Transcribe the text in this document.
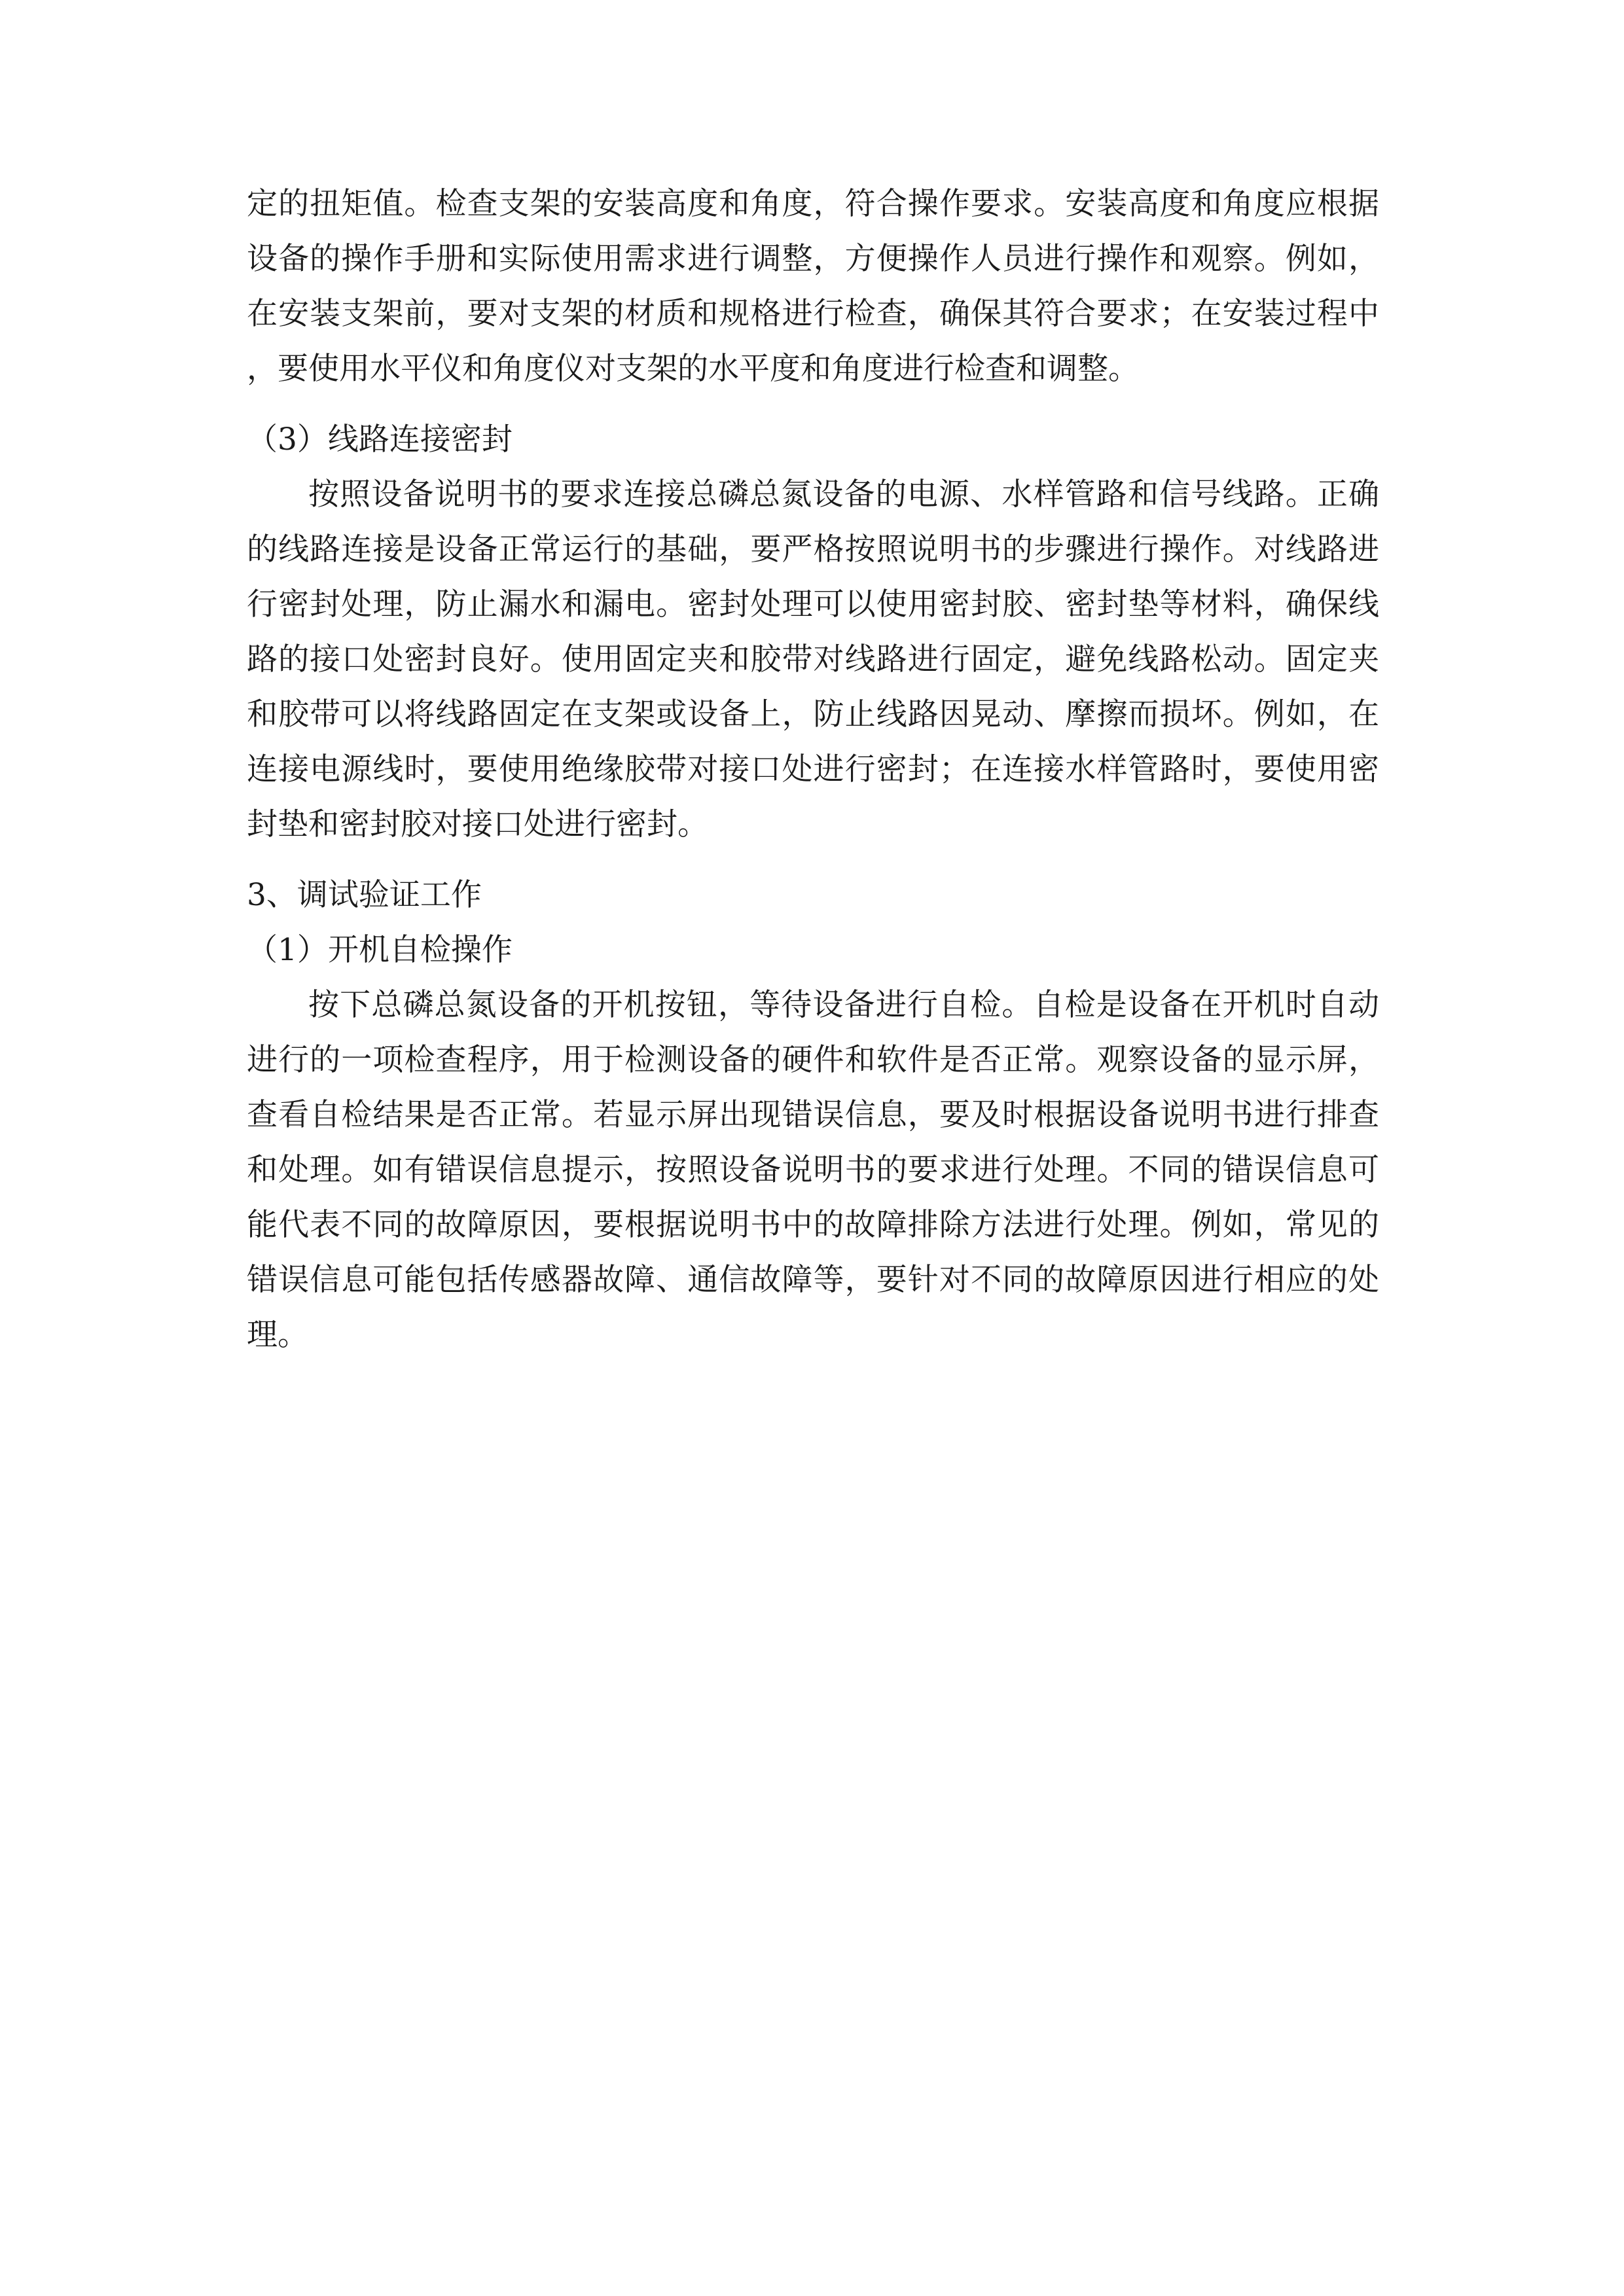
定的扭矩值。检查支架的安装高度和角度，符合操作要求。安装高度和角度应根据设备的操作手册和实际使用需求进行调整，方便操作人员进行操作和观察。例如，在安装支架前，要对支架的材质和规格进行检查，确保其符合要求；在安装过程中，要使用水平仪和角度仪对支架的水平度和角度进行检查和调整。

（3）线路连接密封

按照设备说明书的要求连接总磷总氮设备的电源、水样管路和信号线路。正确的线路连接是设备正常运行的基础，要严格按照说明书的步骤进行操作。对线路进行密封处理，防止漏水和漏电。密封处理可以使用密封胶、密封垫等材料，确保线路的接口处密封良好。使用固定夹和胶带对线路进行固定，避免线路松动。固定夹和胶带可以将线路固定在支架或设备上，防止线路因晃动、摩擦而损坏。例如，在连接电源线时，要使用绝缘胶带对接口处进行密封；在连接水样管路时，要使用密封垫和密封胶对接口处进行密封。

3、调试验证工作

（1）开机自检操作

按下总磷总氮设备的开机按钮，等待设备进行自检。自检是设备在开机时自动进行的一项检查程序，用于检测设备的硬件和软件是否正常。观察设备的显示屏，查看自检结果是否正常。若显示屏出现错误信息，要及时根据设备说明书进行排查和处理。如有错误信息提示，按照设备说明书的要求进行处理。不同的错误信息可能代表不同的故障原因，要根据说明书中的故障排除方法进行处理。例如，常见的错误信息可能包括传感器故障、通信故障等，要针对不同的故障原因进行相应的处理。
